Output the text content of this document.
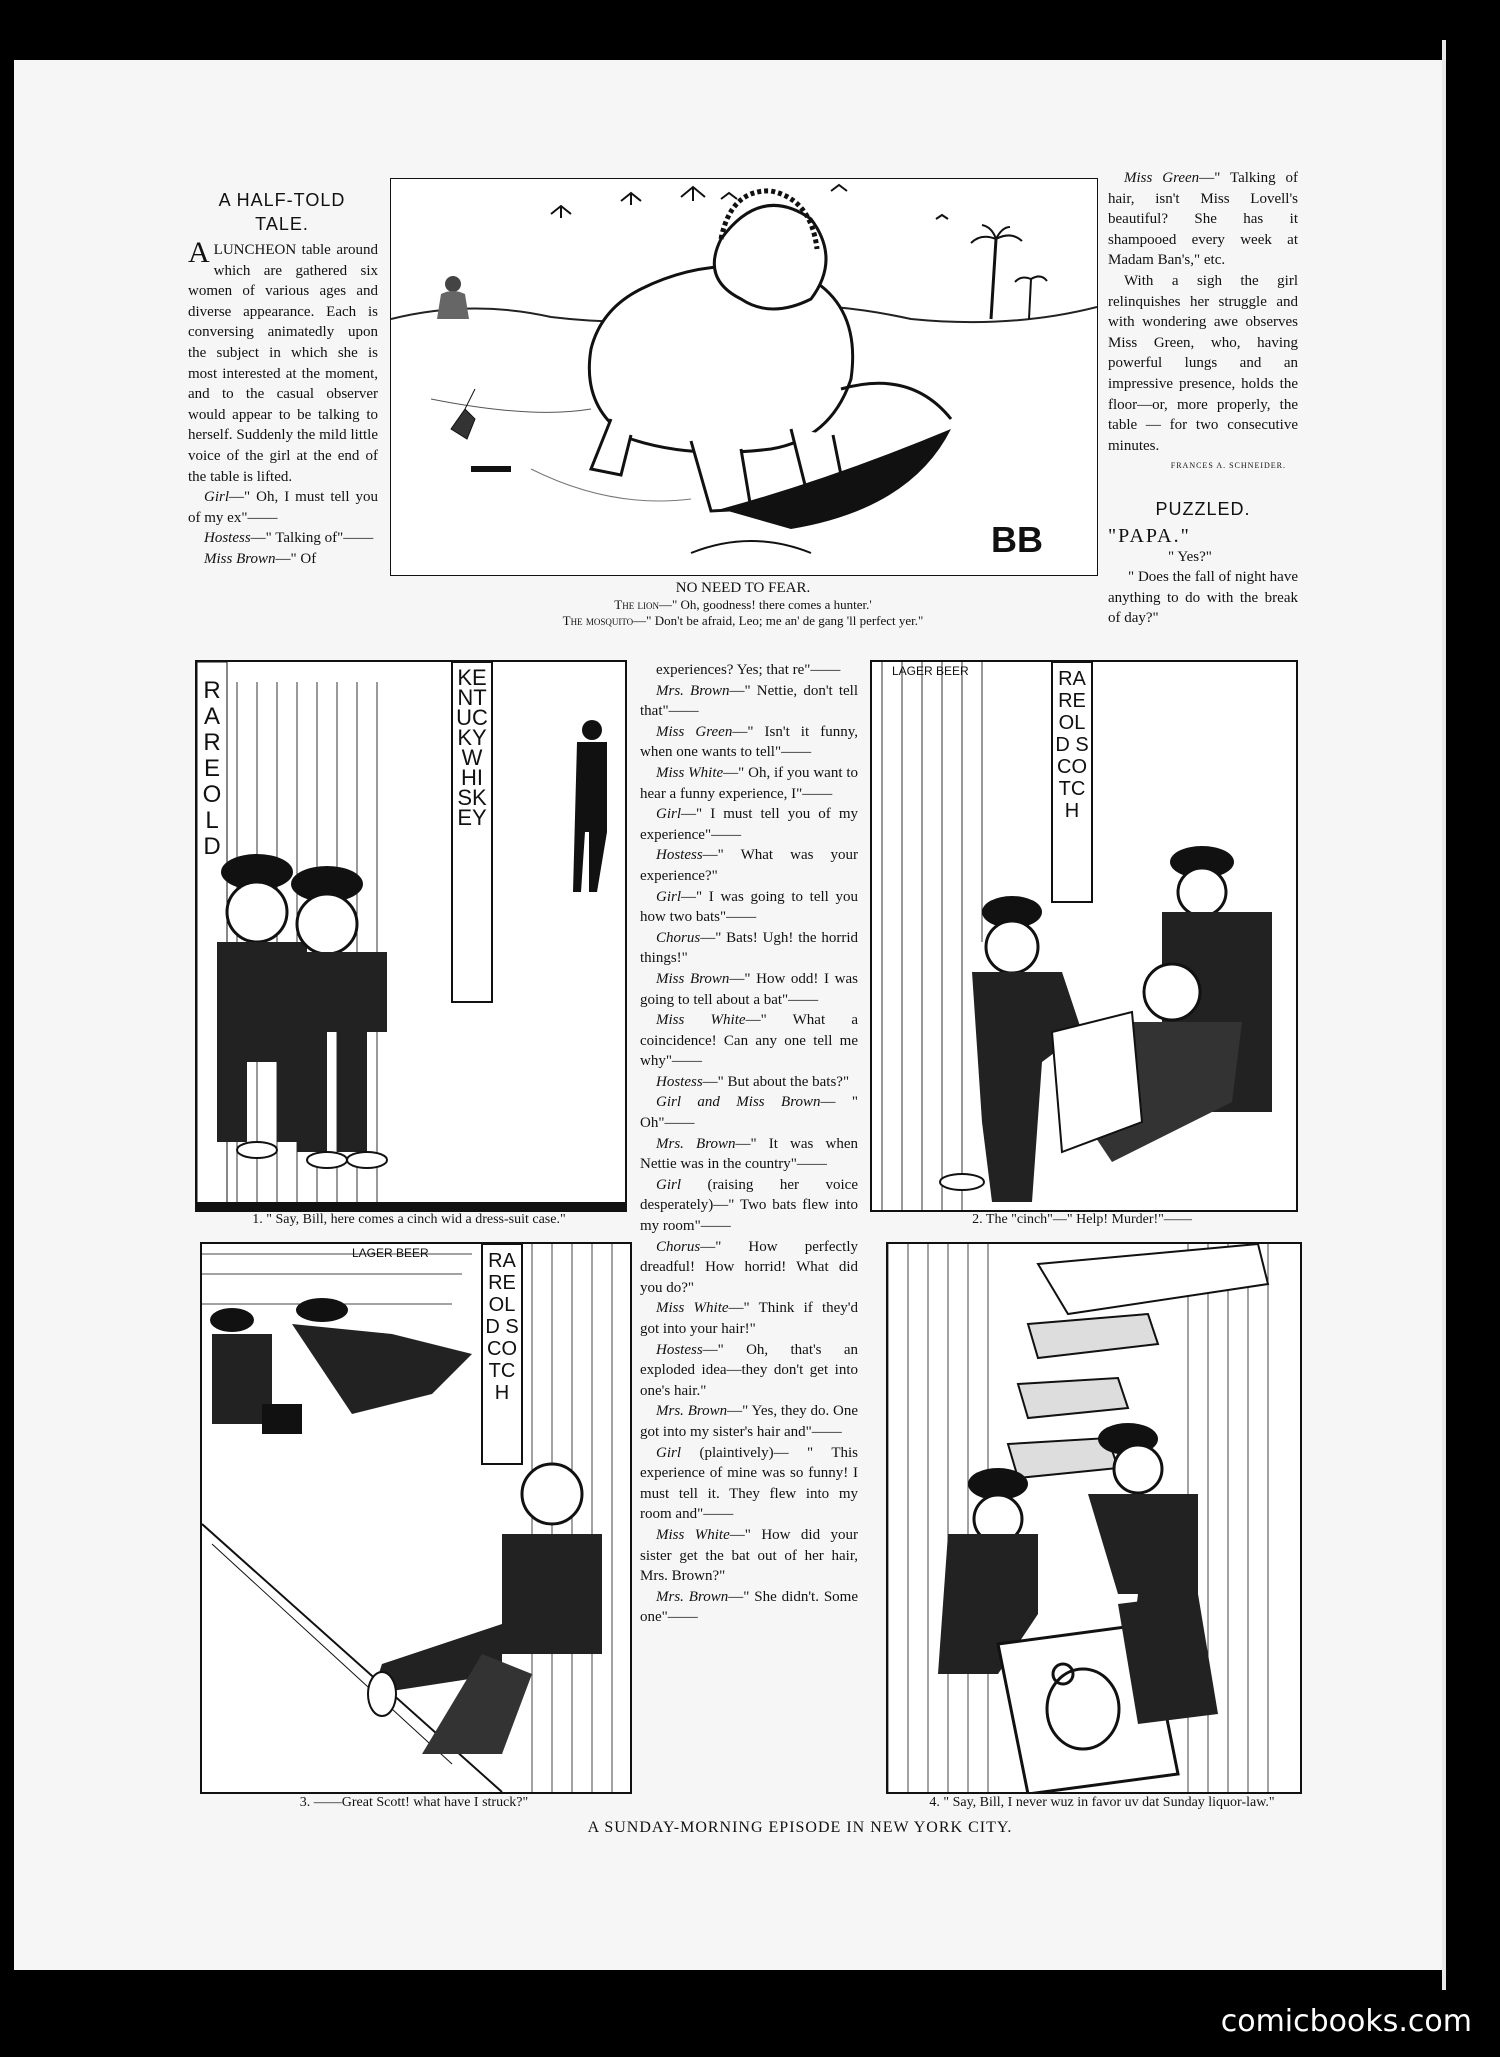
A HALF-TOLD
TALE.

ALUNCHEON table around which are gathered six women of various ages and diverse appearance. Each is conversing animatedly upon the subject in which she is most interested at the moment, and to the casual observer would appear to be talking to herself. Suddenly the mild little voice of the girl at the end of the table is lifted.

Girl—" Oh, I must tell you of my ex"——

Hostess—" Talking of"——

Miss Brown—" Of	BB
NO NEED TO FEAR.
The lion—" Oh, goodness! there comes a hunter.'
The mosquito—" Don't be afraid, Leo; me an' de gang 'll perfect yer."

Miss Green—" Talking of hair, isn't Miss Lovell's beautiful? She has it shampooed every week at Madam Ban's," etc.

With a sigh the girl relinquishes her struggle and with wondering awe observes Miss Green, who, having powerful lungs and an impressive presence, holds the floor—or, more properly, the table — for two consecutive minutes.

FRANCES A. SCHNEIDER.
PUZZLED.

"PAPA."

" Yes?"

" Does the fall of night have anything to do with the break of day?"

experiences? Yes; that re"——

Mrs. Brown—" Nettie, don't tell that"——

Miss Green—" Isn't it funny, when one wants to tell"——

Miss White—" Oh, if you want to hear a funny experience, I"——

Girl—" I must tell you of my experience"——

Hostess—" What was your experience?"

Girl—" I was going to tell you how two bats"——

Chorus—" Bats! Ugh! the horrid things!"

Miss Brown—" How odd! I was going to tell about a bat"——

Miss White—" What a coincidence! Can any one tell me why"——

Hostess—" But about the bats?"

Girl and Miss Brown— " Oh"——

Mrs. Brown—" It was when Nettie was in the country"——

Girl (raising her voice desperately)—" Two bats flew into my room"——

Chorus—" How perfectly dreadful! How horrid! What did you do?"

Miss White—" Think if they'd got into your hair!"

Hostess—" Oh, that's an exploded idea—they don't get into one's hair."

Mrs. Brown—" Yes, they do. One got into my sister's hair and"——

Girl (plaintively)— " This experience of mine was so funny! I must tell it. They flew into my room and"——

Miss White—" How did your sister get the bat out of her hair, Mrs. Brown?"

Mrs. Brown—" She didn't. Some one"——

RARE OLD
KENTUCKY WHISKEY
1. " Say, Bill, here comes a cinch wid a dress-suit case."
LAGER BEER	RARE OLD SCOTCH
2. The "cinch"—" Help! Murder!"——
LAGER BEER	RARE OLD SCOTCH
3. ——Great Scott! what have I struck?"	4. " Say, Bill, I never wuz in favor uv dat Sunday liquor-law."
A SUNDAY-MORNING EPISODE IN NEW YORK CITY.
comicbooks.com
